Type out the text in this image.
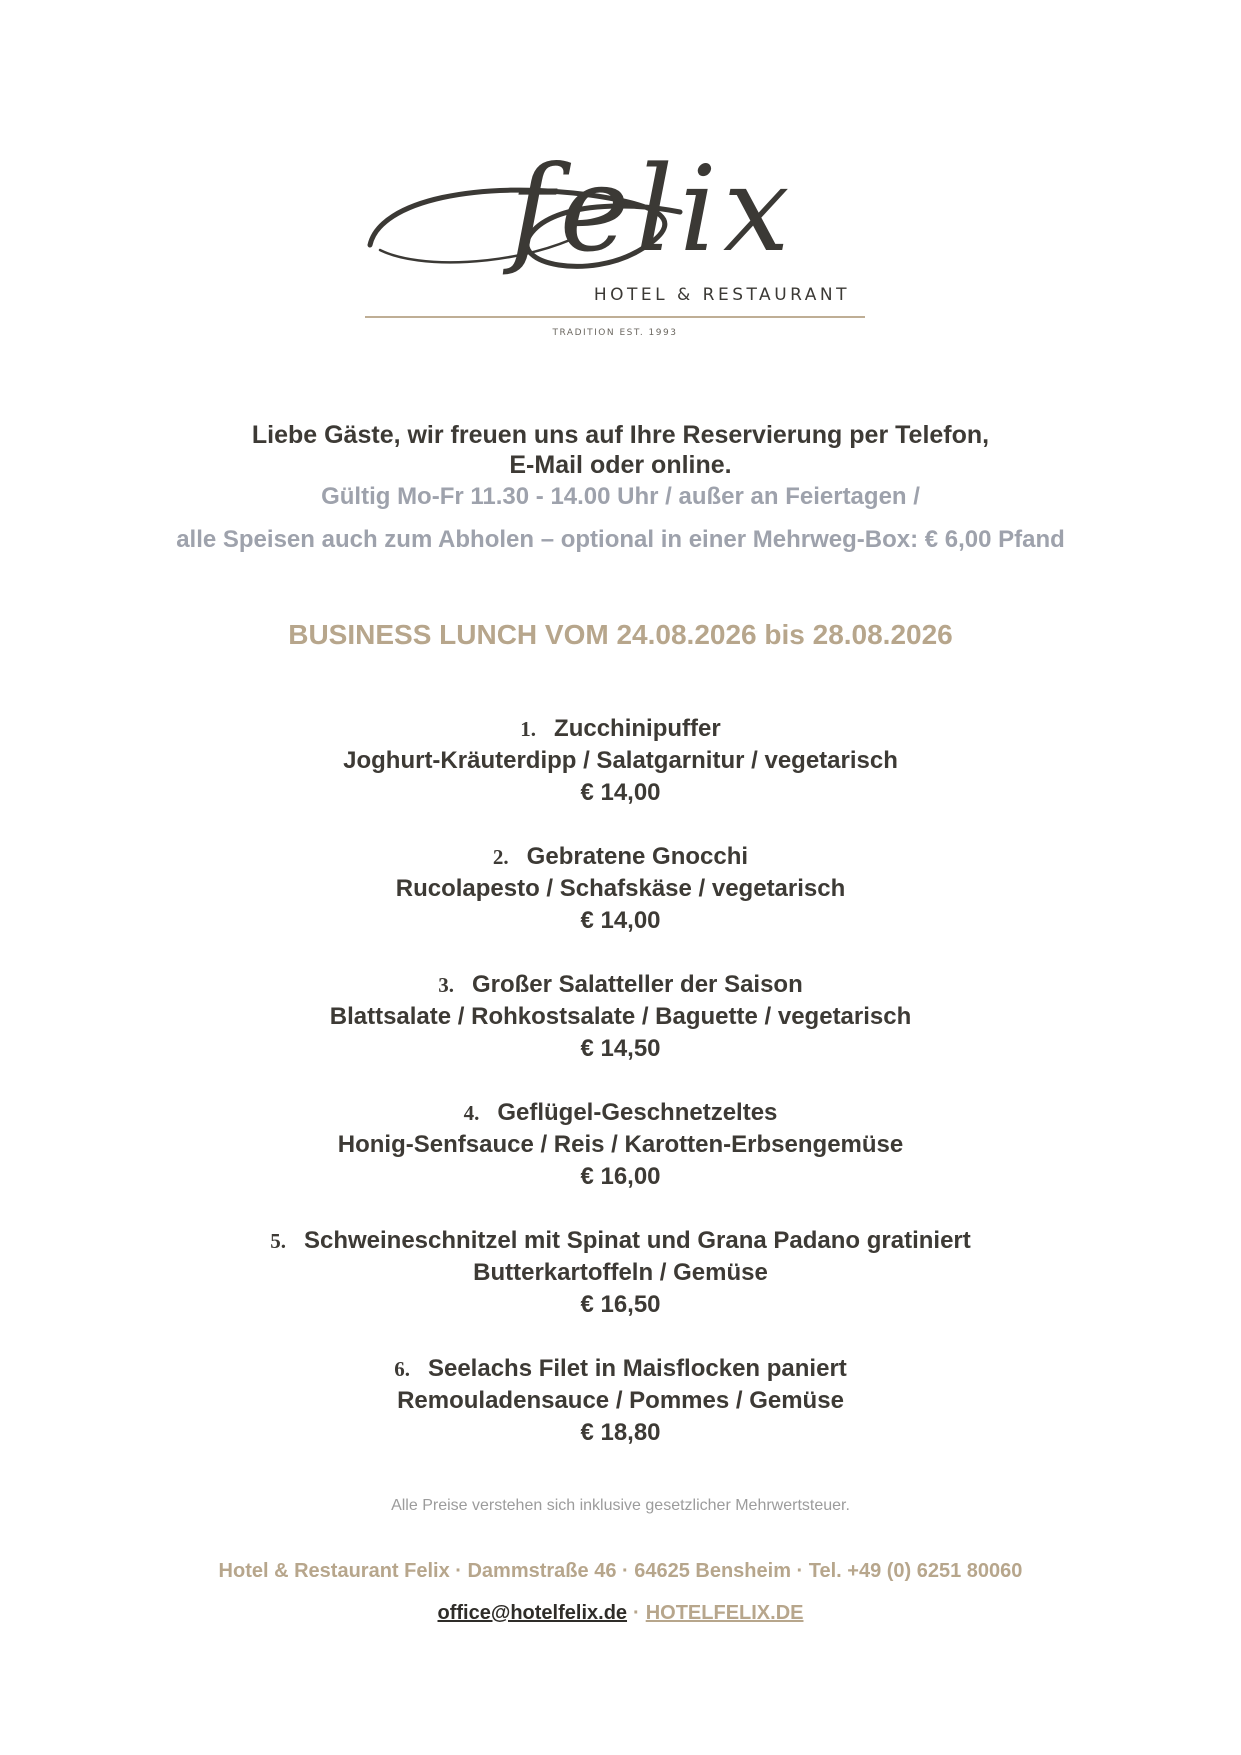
felix
HOTEL & RESTAURANT
TRADITION EST. 1993
Liebe Gäste, wir freuen uns auf Ihre Reservierung per Telefon,
E-Mail oder online.
Gültig Mo-Fr 11.30 - 14.00 Uhr / außer an Feiertagen /
alle Speisen auch zum Abholen – optional in einer Mehrweg-Box: € 6,00 Pfand
BUSINESS LUNCH VOM 24.08.2026 bis 28.08.2026
1. Zucchinipuffer
Joghurt-Kräuterdipp / Salatgarnitur / vegetarisch
€ 14,00
2. Gebratene Gnocchi
Rucolapesto / Schafskäse / vegetarisch
€ 14,00
3. Großer Salatteller der Saison
Blattsalate / Rohkostsalate / Baguette / vegetarisch
€ 14,50
4. Geflügel-Geschnetzeltes
Honig-Senfsauce / Reis / Karotten-Erbsengemüse
€ 16,00
5. Schweineschnitzel mit Spinat und Grana Padano gratiniert
Butterkartoffeln / Gemüse
€ 16,50
6. Seelachs Filet in Maisflocken paniert
Remouladensauce / Pommes / Gemüse
€ 18,80
Alle Preise verstehen sich inklusive gesetzlicher Mehrwertsteuer.
Hotel & Restaurant Felix · Dammstraße 46 · 64625 Bensheim · Tel. +49 (0) 6251 80060
office@hotelfelix.de · HOTELFELIX.DE
